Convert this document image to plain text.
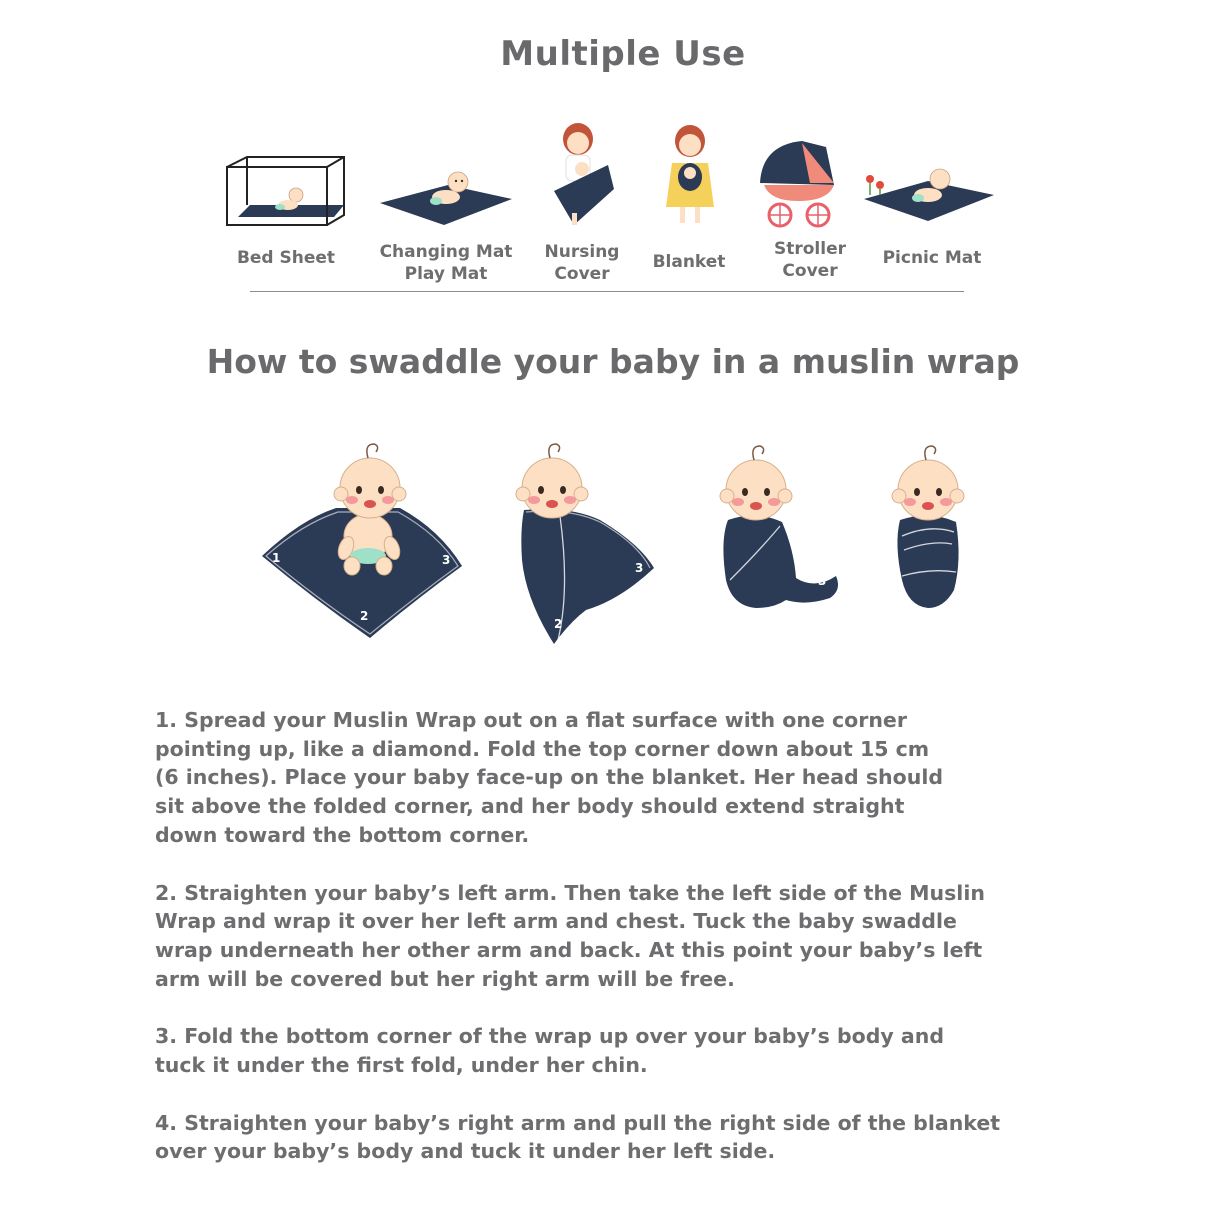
Multiple Use
Bed Sheet	Changing Mat
Play Mat
Nursing
Cover
Blanket
Stroller
Cover
Picnic Mat
How to swaddle your baby in a muslin wrap
1
2
3
2
3
3

1. Spread your Muslin Wrap out on a flat surface with one corner
pointing up, like a diamond. Fold the top corner down about 15 cm
(6 inches). Place your baby face-up on the blanket. Her head should
sit above the folded corner, and her body should extend straight
down toward the bottom corner.

2. Straighten your baby’s left arm. Then take the left side of the Muslin
Wrap and wrap it over her left arm and chest. Tuck the baby swaddle
wrap underneath her other arm and back. At this point your baby’s left
arm will be covered but her right arm will be free.

3. Fold the bottom corner of the wrap up over your baby’s body and
tuck it under the first fold, under her chin.

4. Straighten your baby’s right arm and pull the right side of the blanket
over your baby’s body and tuck it under her left side.
